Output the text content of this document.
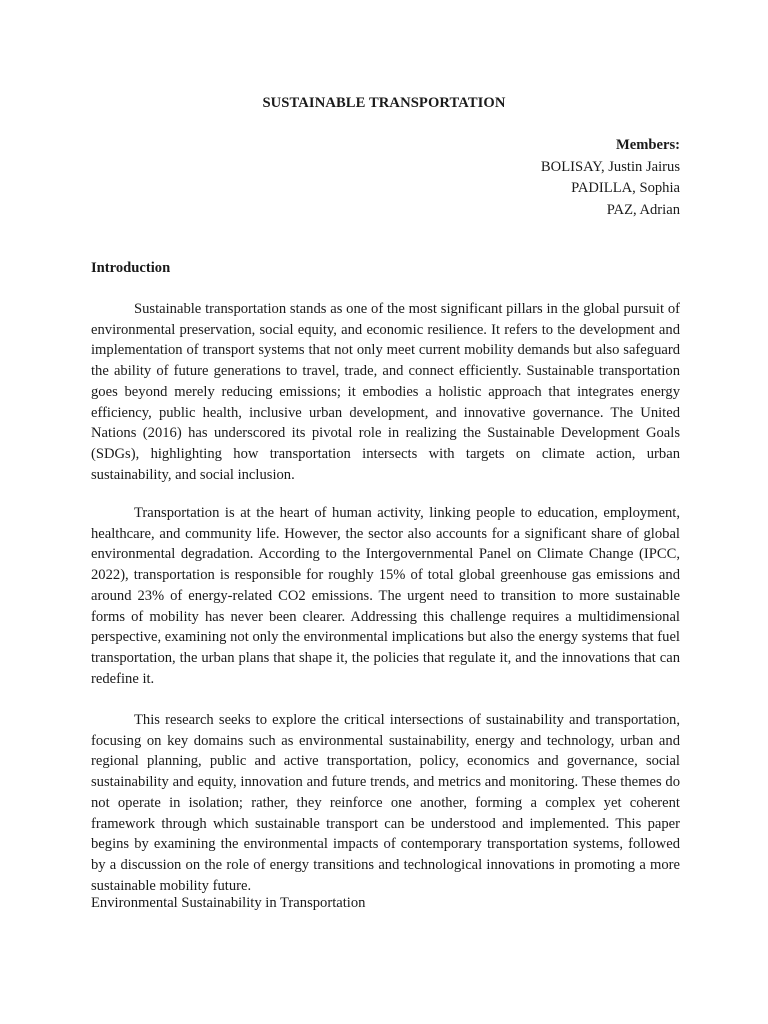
SUSTAINABLE TRANSPORTATION
Members:
BOLISAY, Justin Jairus
PADILLA, Sophia
PAZ, Adrian
Introduction

Sustainable transportation stands as one of the most significant pillars in the global pursuit of environmental preservation, social equity, and economic resilience. It refers to the development and implementation of transport systems that not only meet current mobility demands but also safeguard the ability of future generations to travel, trade, and connect efficiently. Sustainable transportation goes beyond merely reducing emissions; it embodies a holistic approach that integrates energy efficiency, public health, inclusive urban development, and innovative governance. The United Nations (2016) has underscored its pivotal role in realizing the Sustainable Development Goals (SDGs), highlighting how transportation intersects with targets on climate action, urban sustainability, and social inclusion.

Transportation is at the heart of human activity, linking people to education, employment, healthcare, and community life. However, the sector also accounts for a significant share of global environmental degradation. According to the Intergovernmental Panel on Climate Change (IPCC, 2022), transportation is responsible for roughly 15% of total global greenhouse gas emissions and around 23% of energy-related CO2 emissions. The urgent need to transition to more sustainable forms of mobility has never been clearer. Addressing this challenge requires a multidimensional perspective, examining not only the environmental implications but also the energy systems that fuel transportation, the urban plans that shape it, the policies that regulate it, and the innovations that can redefine it.

This research seeks to explore the critical intersections of sustainability and transportation, focusing on key domains such as environmental sustainability, energy and technology, urban and regional planning, public and active transportation, policy, economics and governance, social sustainability and equity, innovation and future trends, and metrics and monitoring. These themes do not operate in isolation; rather, they reinforce one another, forming a complex yet coherent framework through which sustainable transport can be understood and implemented. This paper begins by examining the environmental impacts of contemporary transportation systems, followed by a discussion on the role of energy transitions and technological innovations in promoting a more sustainable mobility future.

Environmental Sustainability in Transportation
